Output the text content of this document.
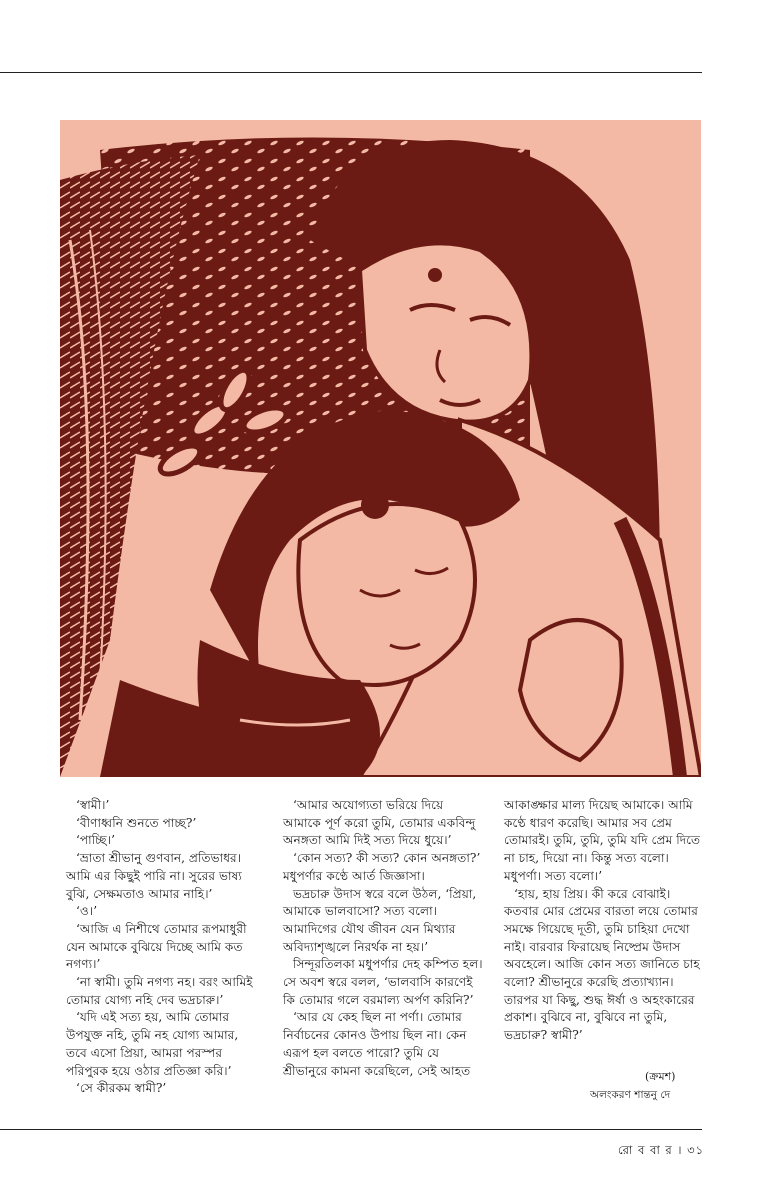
‘স্বামী।’

‘বীণাধ্বনি শুনতে পাচ্ছ?’

‘পাচ্ছি।’

‘ভ্রাতা শ্রীভানু গুণবান, প্রতিভাধর। আমি এর কিছুই পারি না। সুরের ভাষ্য বুঝি, সেক্ষমতাও আমার নাহি।’

‘ও।’

‘আজি এ নিশীথে তোমার রূপমাধুরী যেন আমাকে বুঝিয়ে দিচ্ছে আমি কত নগণ্য।’

‘না স্বামী। তুমি নগণ্য নহ। বরং আমিই তোমার যোগ্য নহি দেব ভদ্রচারু।’

‘যদি এই সত্য হয়, আমি তোমার উপযুক্ত নহি, তুমি নহ যোগ্য আমার, তবে এসো প্রিয়া, আমরা পরস্পর পরিপুরক হয়ে ওঠার প্রতিজ্ঞা করি।’

‘সে কীরকম স্বামী?’

‘আমার অযোগ্যতা ভরিয়ে দিয়ে আমাকে পূর্ণ করো তুমি, তোমার একবিন্দু অনঙ্গতা আমি দিই সত্য দিয়ে ধুয়ে।’

‘কোন সত্য? কী সত্য? কোন অনঙ্গতা?’ মধুপর্ণার কণ্ঠে আর্ত জিজ্ঞাসা।

ভদ্রচারু উদাস স্বরে বলে উঠল, ‘প্রিয়া, আমাকে ভালবাসো? সত্য বলো। আমাদিগের যৌথ জীবন যেন মিথ্যার অবিদ্যাশৃঙ্খলে নিরর্থক না হয়।’

সিন্দূরতিলকা মধুপর্ণার দেহ কম্পিত হল। সে অবশ স্বরে বলল, ‘ভালবাসি কারণেই কি তোমার গলে বরমাল্য অর্পণ করিনি?’

‘আর যে কেহ ছিল না পর্ণা। তোমার নির্বাচনের কোনও উপায় ছিল না। কেন এরূপ হল বলতে পারো? তুমি যে শ্রীভানুরে কামনা করেছিলে, সেই আহত

আকাঙ্ক্ষার মাল্য দিয়েছ আমাকে। আমি কণ্ঠে ধারণ করেছি। আমার সব প্রেম তোমারই। তুমি, তুমি, তুমি যদি প্রেম দিতে না চাহ, দিয়ো না। কিন্তু সত্য বলো। মধুপর্ণা। সত্য বলো।’

‘হায়, হায় প্রিয়। কী করে বোঝাই। কতবার মোর প্রেমের বারতা লয়ে তোমার সমক্ষে গিয়েছে দূতী, তুমি চাহিয়া দেখো নাই। বারবার ফিরায়েছ নিষ্প্রেম উদাস অবহেলে। আজি কোন সত্য জানিতে চাহ বলো? শ্রীভানুরে করেছি প্রত্যাখ্যান। তারপর যা কিছু, শুদ্ধ ঈর্ষা ও অহংকারের প্রকাশ। বুঝিবে না, বুঝিবে না তুমি, ভদ্রচারু? স্বামী?’

(ক্রমশ)
অলংকরণ শান্তনু দে
রো ব বা র । ৩১
